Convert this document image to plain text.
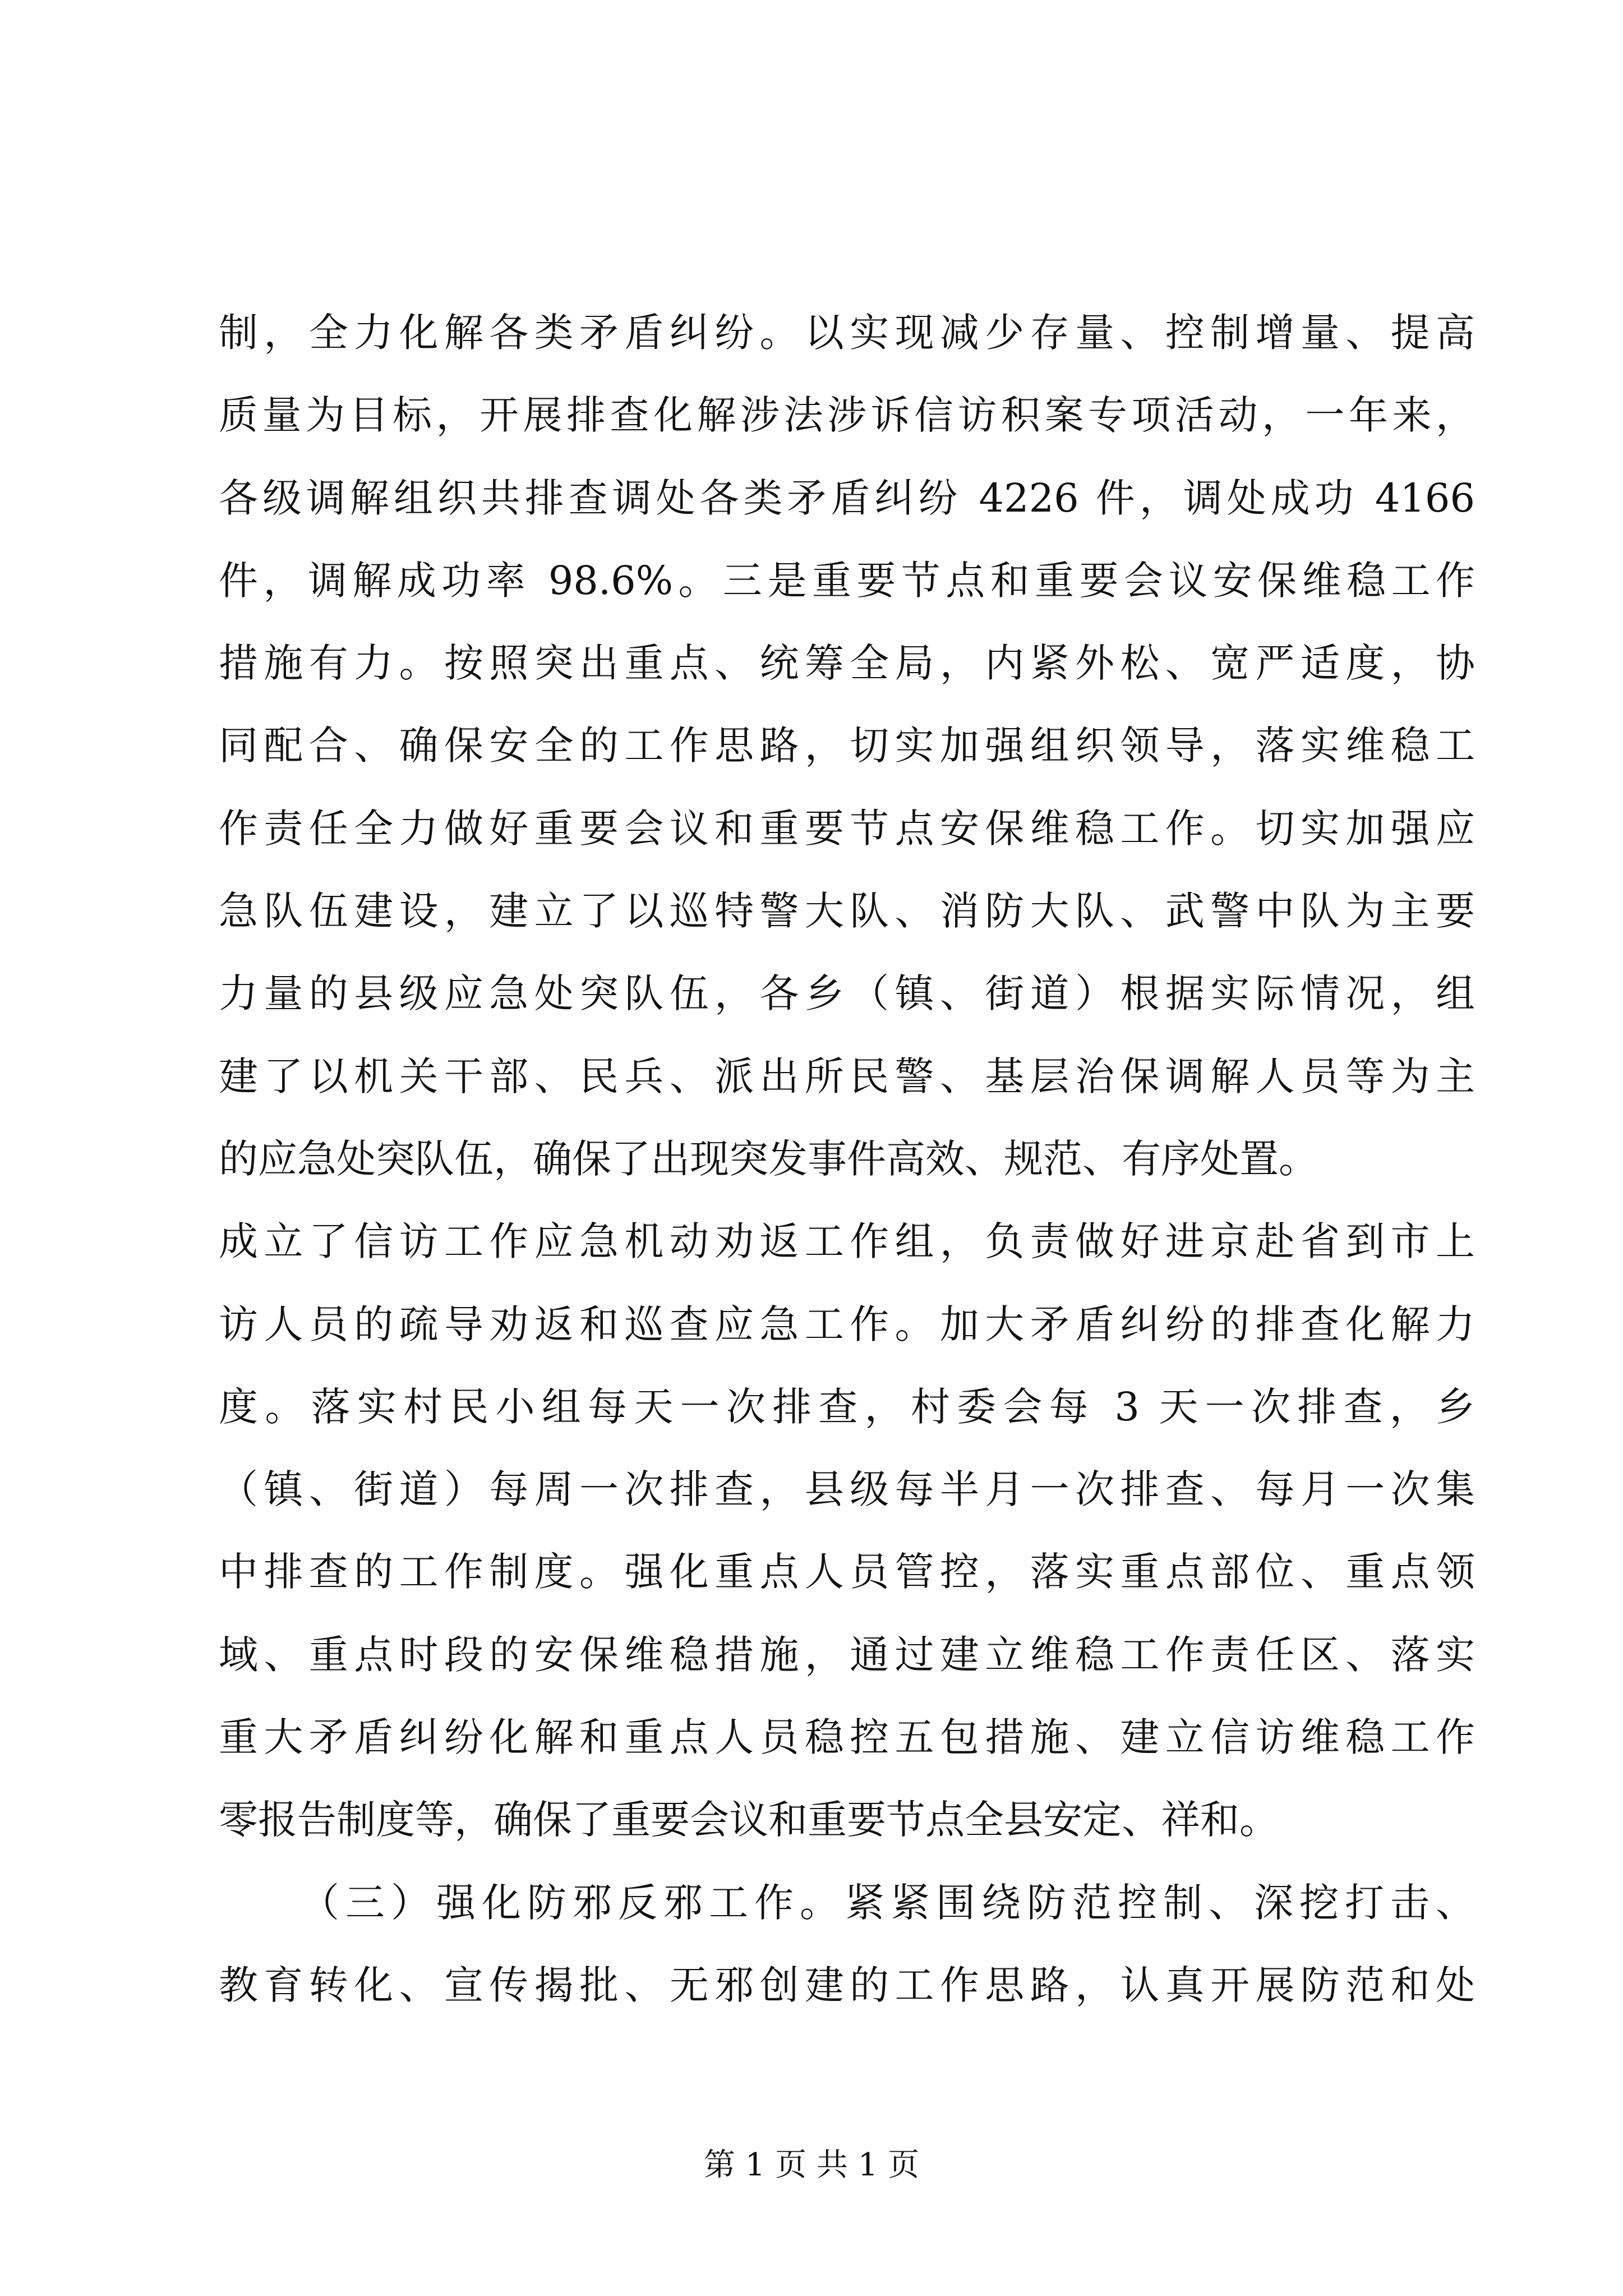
制，全力化解各类矛盾纠纷。以实现减少存量、控制增量、提高
质量为目标，开展排查化解涉法涉诉信访积案专项活动，一年来，
各级调解组织共排查调处各类矛盾纠纷 4226 件，调处成功 4166
件，调解成功率 98.6%。三是重要节点和重要会议安保维稳工作
措施有力。按照突出重点、统筹全局，内紧外松、宽严适度，协
同配合、确保安全的工作思路，切实加强组织领导，落实维稳工
作责任全力做好重要会议和重要节点安保维稳工作。切实加强应
急队伍建设，建立了以巡特警大队、消防大队、武警中队为主要
力量的县级应急处突队伍，各乡（镇、街道）根据实际情况，组
建了以机关干部、民兵、派出所民警、基层治保调解人员等为主
的应急处突队伍，确保了出现突发事件高效、规范、有序处置。
成立了信访工作应急机动劝返工作组，负责做好进京赴省到市上
访人员的疏导劝返和巡查应急工作。加大矛盾纠纷的排查化解力
度。落实村民小组每天一次排查，村委会每 3 天一次排查，乡
（镇、街道）每周一次排查，县级每半月一次排查、每月一次集
中排查的工作制度。强化重点人员管控，落实重点部位、重点领
域、重点时段的安保维稳措施，通过建立维稳工作责任区、落实
重大矛盾纠纷化解和重点人员稳控五包措施、建立信访维稳工作
零报告制度等，确保了重要会议和重要节点全县安定、祥和。
（三）强化防邪反邪工作。紧紧围绕防范控制、深挖打击、
教育转化、宣传揭批、无邪创建的工作思路，认真开展防范和处
第 1 页 共 1 页
